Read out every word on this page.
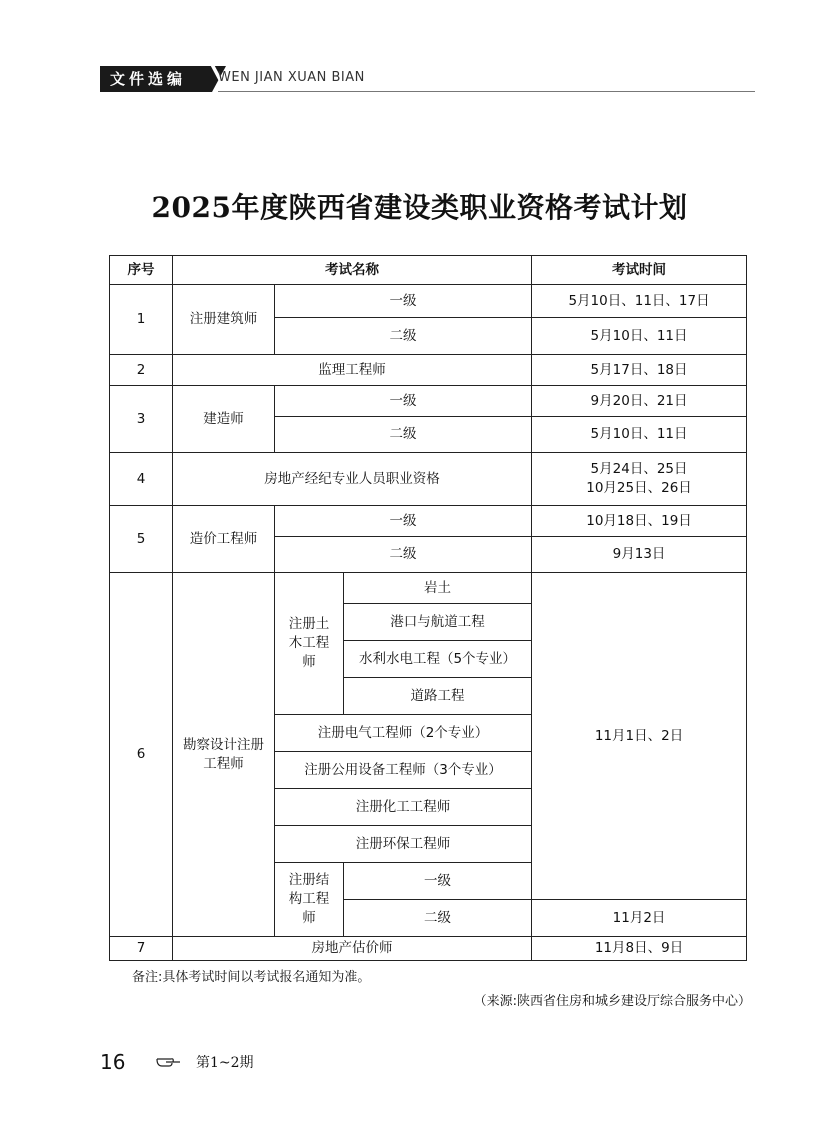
文件选编	WEN JIAN XUAN BIAN
2025年度陕西省建设类职业资格考试计划
序号	考试名称			考试时间
1	注册建筑师	一级		5月10日、11日、17日
		二级		5月10日、11日
2	监理工程师			5月17日、18日
3	建造师	一级		9月20日、21日
		二级		5月10日、11日
4	房地产经纪专业人员职业资格			5月24日、25日
10月25日、26日

5	造价工程师	一级		10月18日、19日
		二级		9月13日
6	勘察设计注册工程师	注册土木工程师	岩土	11月1日、2日
			港口与航道工程	
			水利水电工程（5个专业）	
			道路工程	
		注册电气工程师（2个专业）		
		注册公用设备工程师（3个专业）		
		注册化工工程师		
		注册环保工程师		
		注册结构工程师	一级	
			二级	11月2日
7	房地产估价师			11月8日、9日
备注:具体考试时间以考试报名通知为准。
（来源:陕西省住房和城乡建设厅综合服务中心）
16	第1~2期
